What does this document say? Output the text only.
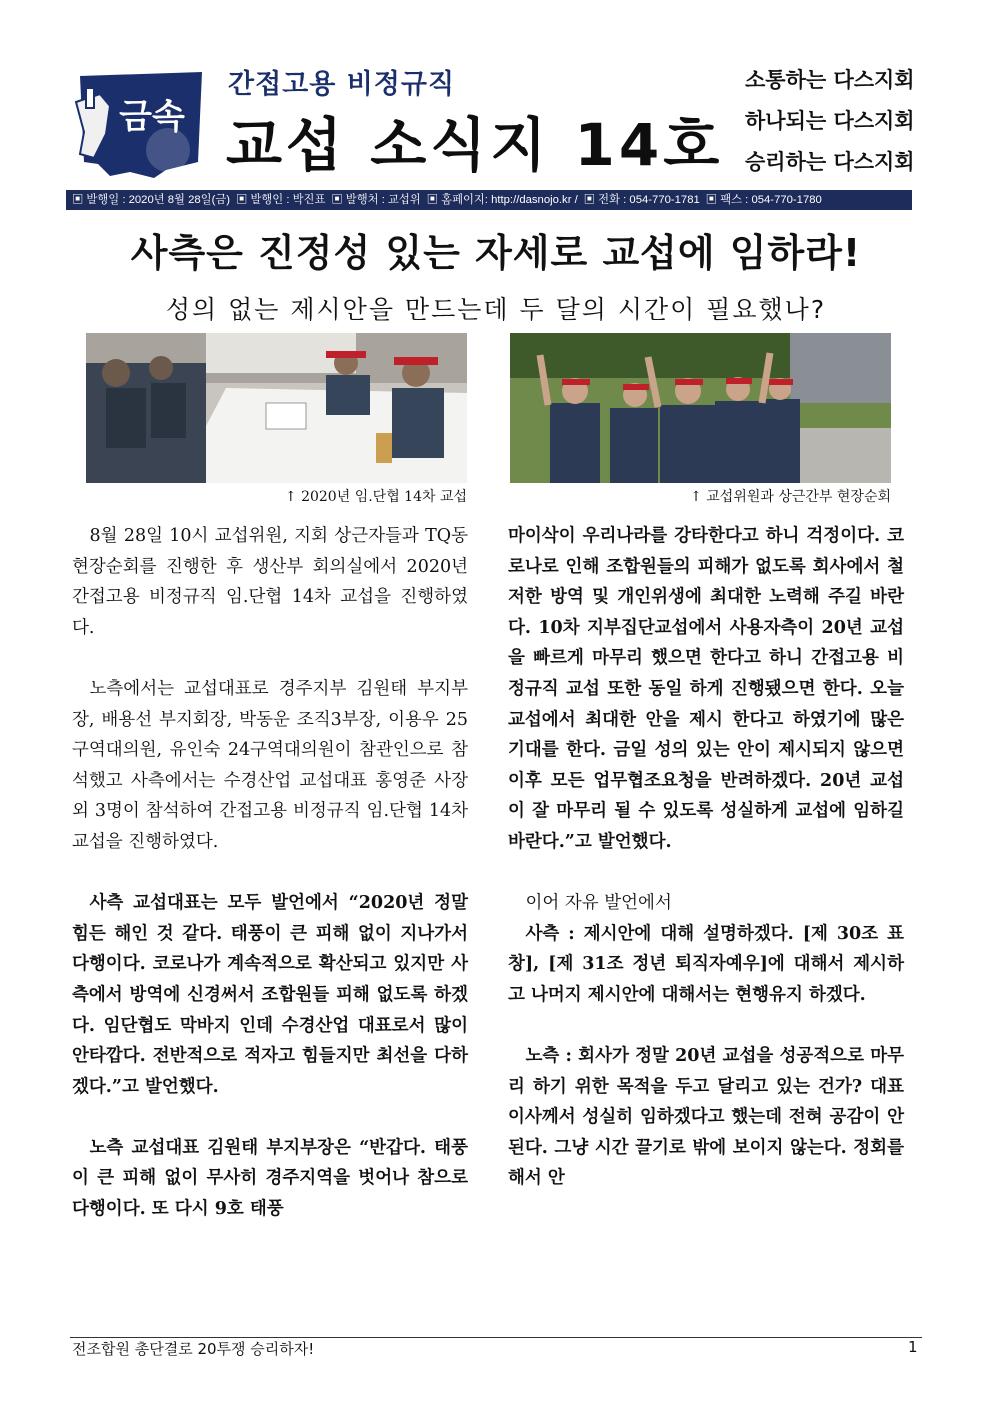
금속
간접고용 비정규직
교섭 소식지 14호
소통하는 다스지회
하나되는 다스지회
승리하는 다스지회
▣ 발행일 : 2020년 8월 28일(금) ▣ 발행인 : 박진표 ▣ 발행처 : 교섭위 ▣ 홈페이지: http://dasnojo.kr / ▣ 전화 : 054-770-1781 ▣ 팩스 : 054-770-1780
사측은 진정성 있는 자세로 교섭에 임하라!
성의 없는 제시안을 만드는데 두 달의 시간이 필요했나?
↑ 2020년 임.단협 14차 교섭	↑ 교섭위원과 상근간부 현장순회

8월 28일 10시 교섭위원, 지회 상근자들과 TQ동 현장순회를 진행한 후 생산부 회의실에서 2020년 간접고용 비정규직 임.단협 14차 교섭을 진행하였다.

노측에서는 교섭대표로 경주지부 김원태 부지부장, 배용선 부지회장, 박동운 조직3부장, 이용우 25구역대의원, 유인숙 24구역대의원이 참관인으로 참석했고 사측에서는 수경산업 교섭대표 홍영준 사장 외 3명이 참석하여 간접고용 비정규직 임.단협 14차 교섭을 진행하였다.

사측 교섭대표는 모두 발언에서 “2020년 정말 힘든 해인 것 같다. 태풍이 큰 피해 없이 지나가서 다행이다. 코로나가 계속적으로 확산되고 있지만 사측에서 방역에 신경써서 조합원들 피해 없도록 하겠다. 임단협도 막바지 인데 수경산업 대표로서 많이 안타깝다. 전반적으로 적자고 힘들지만 최선을 다하겠다.”고 발언했다.

노측 교섭대표 김원태 부지부장은 “반갑다. 태풍이 큰 피해 없이 무사히 경주지역을 벗어나 참으로 다행이다. 또 다시 9호 태풍

마이삭이 우리나라를 강타한다고 하니 걱정이다. 코로나로 인해 조합원들의 피해가 없도록 회사에서 철저한 방역 및 개인위생에 최대한 노력해 주길 바란다. 10차 지부집단교섭에서 사용자측이 20년 교섭을 빠르게 마무리 했으면 한다고 하니 간접고용 비정규직 교섭 또한 동일 하게 진행됐으면 한다. 오늘 교섭에서 최대한 안을 제시 한다고 하였기에 많은 기대를 한다. 금일 성의 있는 안이 제시되지 않으면 이후 모든 업무협조요청을 반려하겠다. 20년 교섭이 잘 마무리 될 수 있도록 성실하게 교섭에 임하길 바란다.”고 발언했다.

이어 자유 발언에서

사측 : 제시안에 대해 설명하겠다. [제 30조 표창], [제 31조 정년 퇴직자예우]에 대해서 제시하고 나머지 제시안에 대해서는 현행유지 하겠다.

노측 : 회사가 정말 20년 교섭을 성공적으로 마무리 하기 위한 목적을 두고 달리고 있는 건가? 대표이사께서 성실히 임하겠다고 했는데 전혀 공감이 안된다. 그냥 시간 끌기로 밖에 보이지 않는다. 정회를 해서 안

전조합원 총단결로 20투쟁 승리하자!	1
